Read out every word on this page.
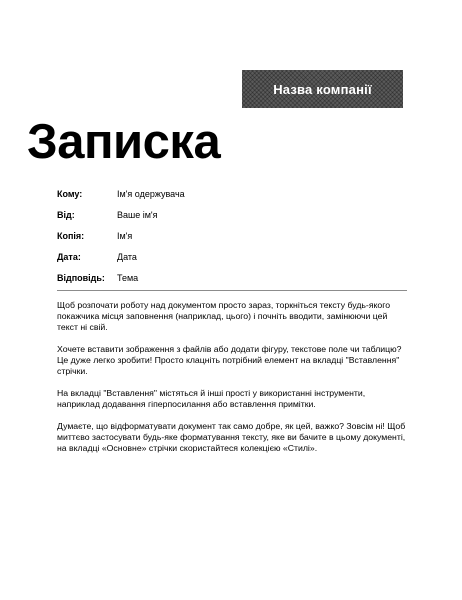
Назва компанії
Записка
Кому:	Ім'я одержувача
Від:	Ваше ім'я
Копія:	Ім'я
Дата:	Дата
Відповідь:	Тема

Щоб розпочати роботу над документом просто зараз, торкніться тексту будь-якого покажчика місця заповнення (наприклад, цього) і почніть вводити, замінюючи цей текст ні свій.

Хочете вставити зображення з файлів або додати фігуру, текстове поле чи таблицю? Це дуже легко зробити! Просто клацніть потрібний елемент на вкладці "Вставлення" стрічки.

На вкладці "Вставлення" містяться й інші прості у використанні інструменти, наприклад додавання гіперпосилання або вставлення примітки.

Думаєте, що відформатувати документ так само добре, як цей, важко? Зовсім ні! Щоб миттєво застосувати будь-яке форматування тексту, яке ви бачите в цьому документі, на вкладці «Основне» стрічки скористайтеся колекцією «Стилі».
